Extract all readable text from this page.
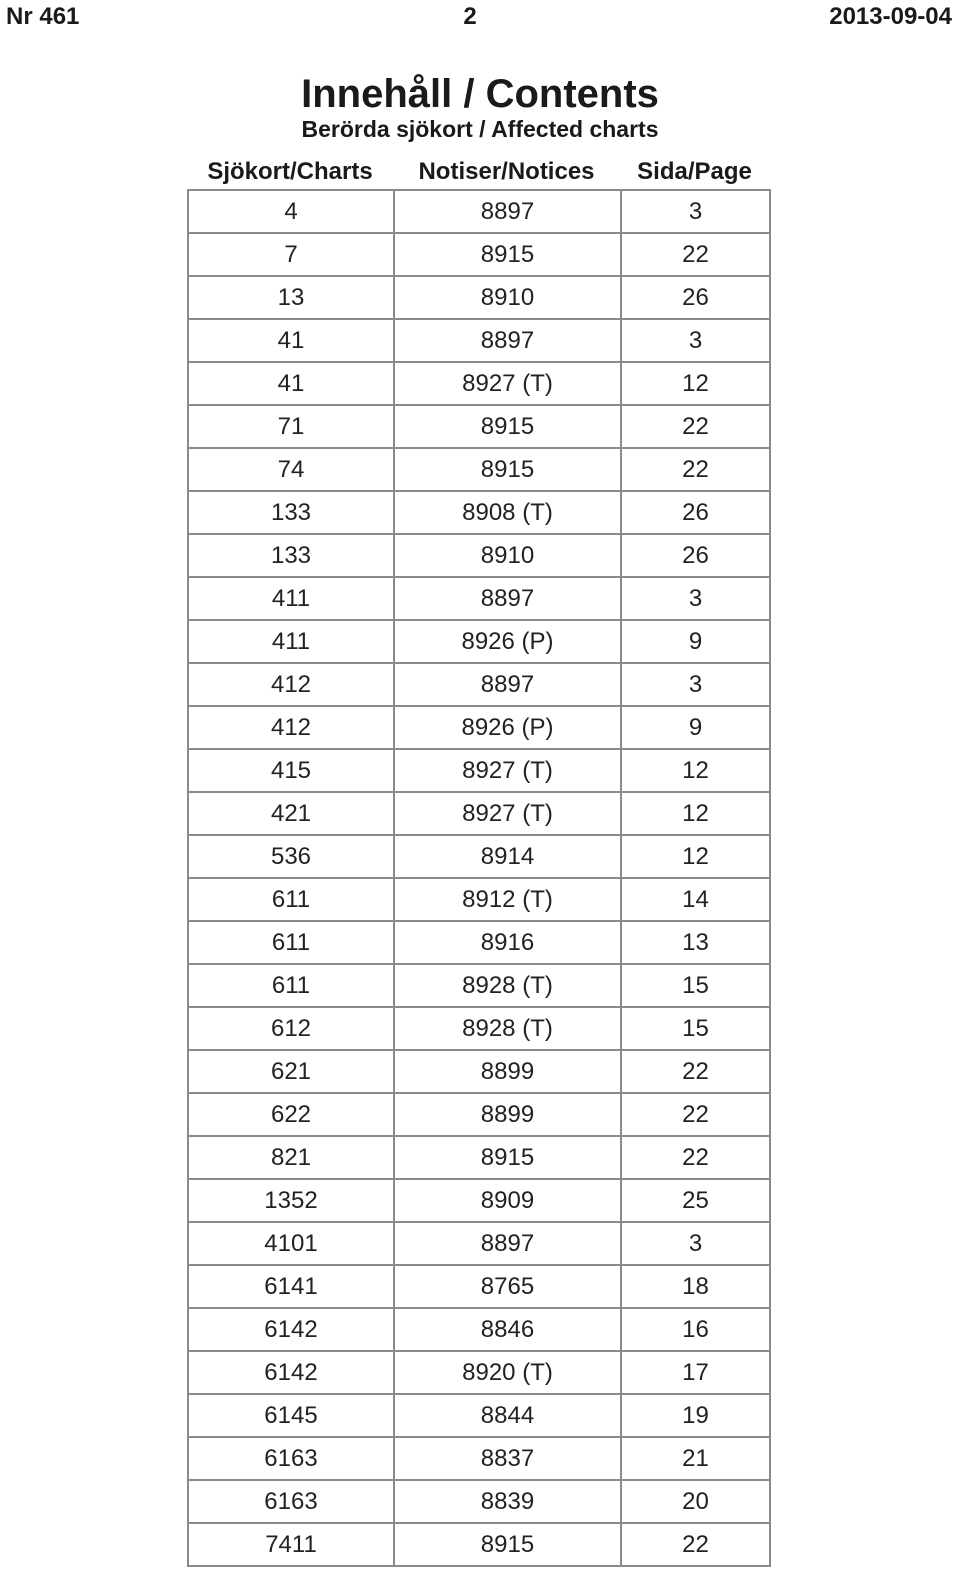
Nr 461	2	2013-09-04
Innehåll / Contents
Berörda sjökort / Affected charts
Sjökort/Charts	Notiser/Notices	Sida/Page
4	8897	3
7	8915	22
13	8910	26
41	8897	3
41	8927 (T)	12
71	8915	22
74	8915	22
133	8908 (T)	26
133	8910	26
411	8897	3
411	8926 (P)	9
412	8897	3
412	8926 (P)	9
415	8927 (T)	12
421	8927 (T)	12
536	8914	12
611	8912 (T)	14
611	8916	13
611	8928 (T)	15
612	8928 (T)	15
621	8899	22
622	8899	22
821	8915	22
1352	8909	25
4101	8897	3
6141	8765	18
6142	8846	16
6142	8920 (T)	17
6145	8844	19
6163	8837	21
6163	8839	20
7411	8915	22
